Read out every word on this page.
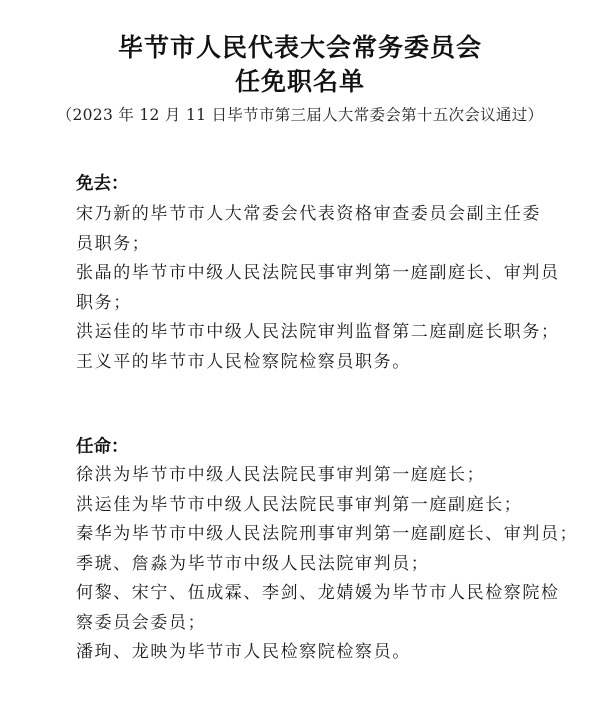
毕节市人民代表大会常务委员会
任免职名单
（2023 年 12 月 11 日毕节市第三届人大常委会第十五次会议通过）
免去：
宋乃新的毕节市人大常委会代表资格审查委员会副主任委
员职务；
张晶的毕节市中级人民法院民事审判第一庭副庭长、审判员
职务；
洪运佳的毕节市中级人民法院审判监督第二庭副庭长职务；
王义平的毕节市人民检察院检察员职务。
任命：
徐洪为毕节市中级人民法院民事审判第一庭庭长；
洪运佳为毕节市中级人民法院民事审判第一庭副庭长；
秦华为毕节市中级人民法院刑事审判第一庭副庭长、审判员；
季琥、詹淼为毕节市中级人民法院审判员；
何黎、宋宁、伍成霖、李剑、龙婧媛为毕节市人民检察院检
察委员会委员；
潘珣、龙映为毕节市人民检察院检察员。
